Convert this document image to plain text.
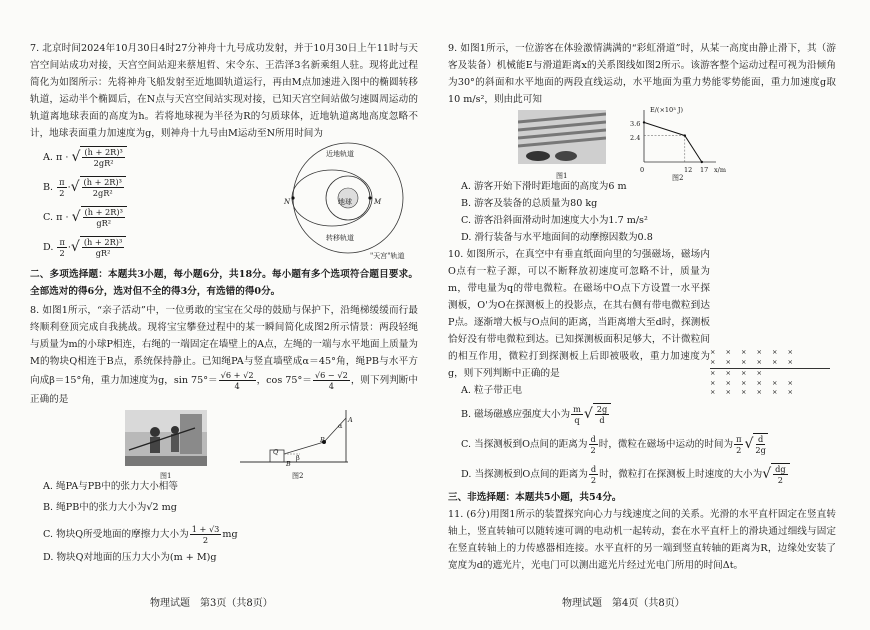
7. 北京时间2024年10月30日4时27分神舟十九号成功发射，并于10月30日上午11时与天宫空间站成功对接，天宫空间站迎来蔡旭哲、宋令东、王浩泽3名新乘组人驻。现将此过程简化为如图所示：先将神舟飞船发射至近地圆轨道运行，再由M点加速进入图中的椭圆转移轨道，运动半个椭圆后，在N点与天宫空间站实现对接，已知天宫空间站做匀速圆周运动的轨道离地球表面的高度为h。若将地球视为半径为R的匀质球体，近地轨道离地高度忽略不计，地球表面重力加速度为g，则神舟十九号由M运动至N所用时间为

A. π ·
√ $\frac{\text{(h + 2R)³}}{\text{2gR²}}$
B.
$\frac{\pi}{2}$ · √ $\frac{\text{(h + 2R)³}}{\text{2gR²}}$
C. π ·
√ $\frac{\text{(h + 2R)³}}{\text{gR²}}$
D.
$\frac{\pi}{2}$ · √ $\frac{\text{(h + 2R)³}}{\text{gR²}}$
近地轨道
地球	M
N
转移轨道
"天宫"轨道

二、多项选择题：本题共3小题，每小题6分，共18分。每小题有多个选项符合题目要求。全部选对的得6分，选对但不全的得3分，有选错的得0分。

8. 如图1所示，“亲子活动”中，一位勇敢的宝宝在父母的鼓励与保护下，沿绳梯缓缓而行最终顺利登顶完成自我挑战。现将宝宝攀登过程中的某一瞬间简化成图2所示情景：两段轻绳与质量为m的小球P相连，右绳的一端固定在墙壁上的A点，左绳的一端与水平地面上质量为M的物块Q相连于B点，系统保持静止。已知绳PA与竖直墙壁成α＝45°角，绳PB与水平方向成β＝15°角，重力加速度为g，$\sin 75^\circ= \frac{√6 + √2}{4}$ ，$\cos 75^\circ= \frac{√6 - √2}{4}$ ，则下列判断中正确的是

图1
Q
B
β
P
α
A
图2

A. 绳PA与PB中的张力大小相等

B. 绳PB中的张力大小为 √2 mg

C. 物块Q所受地面的摩擦力大小为 $\frac{1 + √3}{2}$ mg

D. 物块Q对地面的压力大小为(m + M)g

物理试题　第3页（共8页）

9. 如图1所示，一位游客在体验激情满满的“彩虹滑道”时，从某一高度由静止滑下，其（游客及装备）机械能E与滑道距离x的关系图线如图2所示。该游客整个运动过程可视为沿倾角为30°的斜面和水平地面的两段直线运动，水平地面为重力势能零势能面，重力加速度g取10 m/s²，则由此可知

图1
E/(×10³ J)
3.6
2.4
0	12 17 x/m
图2

A. 游客开始下滑时距地面的高度为6 m

B. 游客及装备的总质量为80 kg

C. 游客沿斜面滑动时加速度大小为1.7 m/s²

D. 滑行装备与水平地面间的动摩擦因数为0.8

10. 如图所示，在真空中有垂直纸面向里的匀强磁场，磁场内O点有一粒子源，可以不断释放初速度可忽略不计，质量为m，带电量为q的带电微粒。在磁场中O点下方设置一水平探测板，O'为O在探测板上的投影点，在其右侧有带电微粒到达P点。逐渐增大板与O点间的距离，当距离增大至d时，探测板恰好没有带电微粒到达。已知探测板面积足够大，不计微粒间的相互作用，微粒打到探测板上后即被吸收，重力加速度为g，则下列判断中正确的是

× × × × × ×
× × × × × ×
× × × ×
× × × × × ×
× × × × × ×

A. 粒子带正电

B. 磁场磁感应强度大小为 $\frac{m}{q}$ √ $\frac{2g}{d}$

C. 当探测板到O点间的距离为 $\frac{d}{2}$ 时，微粒在磁场中运动的时间为 $\frac{\pi}{2}$ √ $\frac{d}{2g}$

D. 当探测板到O点间的距离为 $\frac{d}{2}$ 时，微粒打在探测板上时速度的大小为 √ $\frac{dg}{2}$

三、非选择题：本题共5小题，共54分。

11. (6分)用图1所示的装置探究向心力与线速度之间的关系。光滑的水平直杆固定在竖直转轴上，竖直转轴可以随转速可调的电动机一起转动，套在水平直杆上的滑块通过细线与固定在竖直转轴上的力传感器相连接。水平直杆的另一端到竖直转轴的距离为R，边缘处安装了宽度为d的遮光片，光电门可以测出遮光片经过光电门所用的时间Δt。

物理试题　第4页（共8页）
